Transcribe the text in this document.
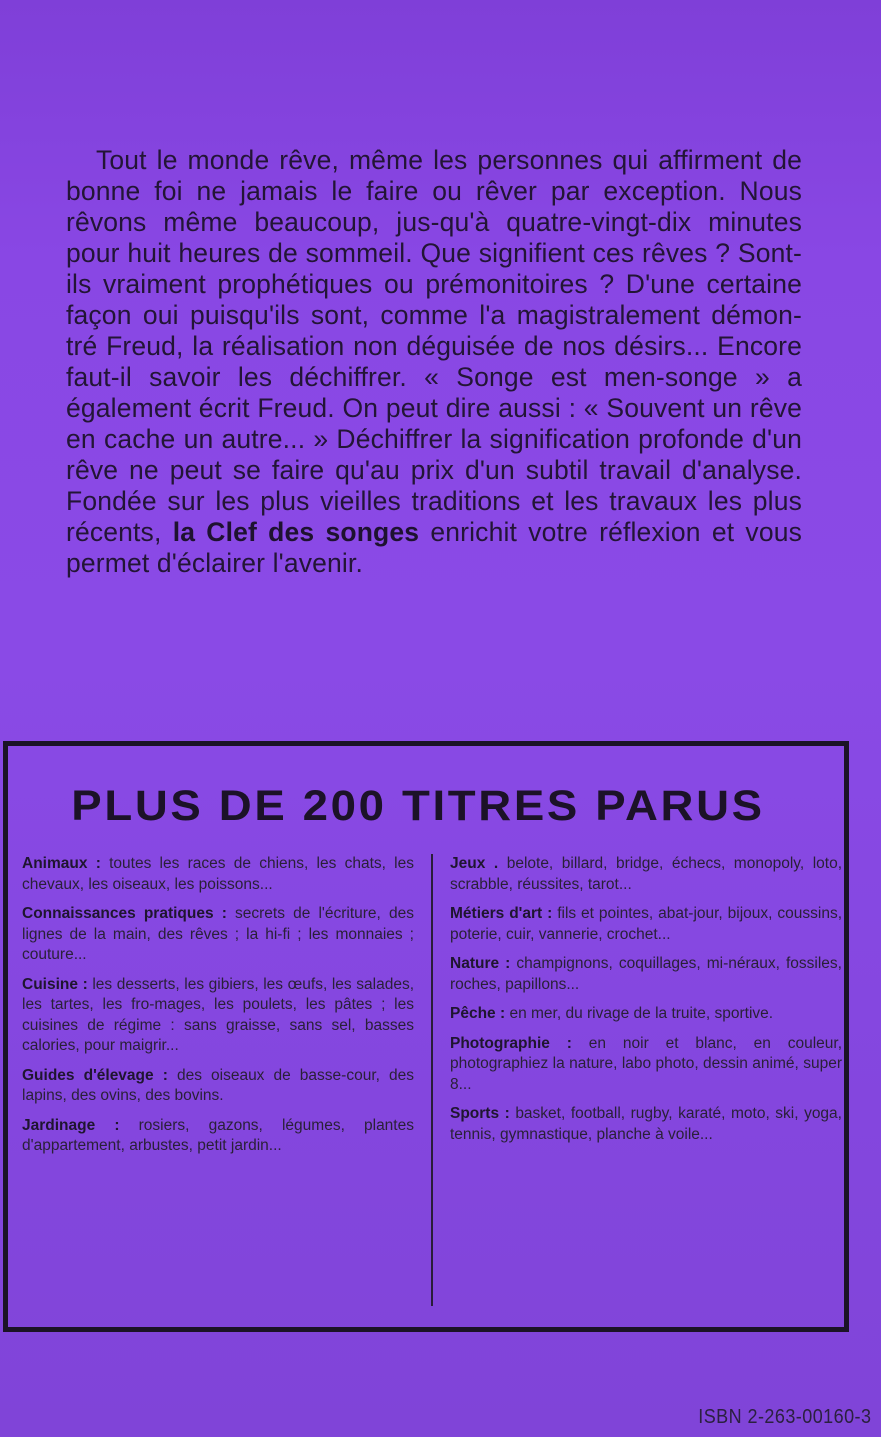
Tout le monde rêve, même les personnes qui affirment de bonne foi ne jamais le faire ou rêver par exception. Nous rêvons même beaucoup, jus-qu'à quatre-vingt-dix minutes pour huit heures de sommeil. Que signifient ces rêves ? Sont-ils vraiment prophétiques ou prémonitoires ? D'une certaine façon oui puisqu'ils sont, comme l'a magistralement démon-tré Freud, la réalisation non déguisée de nos désirs... Encore faut-il savoir les déchiffrer. « Songe est men-songe » a également écrit Freud. On peut dire aussi : « Souvent un rêve en cache un autre... » Déchiffrer la signification profonde d'un rêve ne peut se faire qu'au prix d'un subtil travail d'analyse. Fondée sur les plus vieilles traditions et les travaux les plus récents, la Clef des songes enrichit votre réflexion et vous permet d'éclairer l'avenir.

PLUS DE 200 TITRES PARUS

Animaux : toutes les races de chiens, les chats, les chevaux, les oiseaux, les poissons...

Connaissances pratiques : secrets de l'écriture, des lignes de la main, des rêves ; la hi-fi ; les monnaies ; couture...

Cuisine : les desserts, les gibiers, les œufs, les salades, les tartes, les fro-mages, les poulets, les pâtes ; les cuisines de régime : sans graisse, sans sel, basses calories, pour maigrir...

Guides d'élevage : des oiseaux de basse-cour, des lapins, des ovins, des bovins.

Jardinage : rosiers, gazons, légumes, plantes d'appartement, arbustes, petit jardin...

Jeux . belote, billard, bridge, échecs, monopoly, loto, scrabble, réussites, tarot...

Métiers d'art : fils et pointes, abat-jour, bijoux, coussins, poterie, cuir, vannerie, crochet...

Nature : champignons, coquillages, mi-néraux, fossiles, roches, papillons...

Pêche : en mer, du rivage de la truite, sportive.

Photographie : en noir et blanc, en couleur, photographiez la nature, labo photo, dessin animé, super 8...

Sports : basket, football, rugby, karaté, moto, ski, yoga, tennis, gymnastique, planche à voile...

ISBN 2-263-00160-3
